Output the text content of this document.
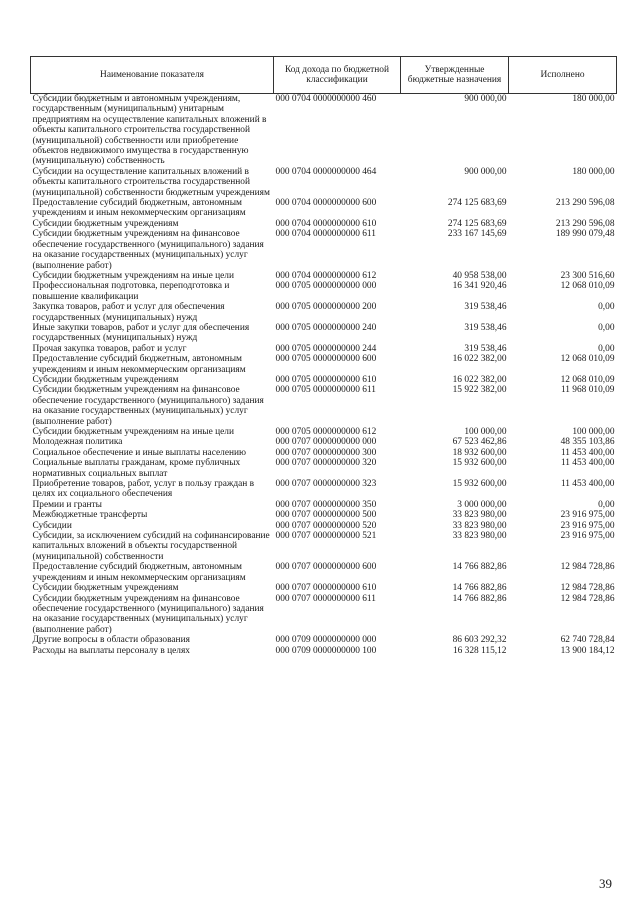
Наименование показателя	Код дохода по бюджетной классификации	Утвержденные бюджетные назначения	Исполнено
Субсидии бюджетным и автономным учреждениям, государственным (муниципальным) унитарным предприятиям на осуществление капитальных вложений в объекты капитального строительства государственной (муниципальной) собственности или приобретение объектов недвижимого имущества в государственную (муниципальную) собственность	000 0704 0000000000 460	900 000,00	180 000,00
Субсидии на осуществление капитальных вложений в объекты капитального строительства государственной (муниципальной) собственности бюджетным учреждениям	000 0704 0000000000 464	900 000,00	180 000,00
Предоставление субсидий бюджетным, автономным учреждениям и иным некоммерческим организациям	000 0704 0000000000 600	274 125 683,69	213 290 596,08
Субсидии бюджетным учреждениям	000 0704 0000000000 610	274 125 683,69	213 290 596,08
Субсидии бюджетным учреждениям на финансовое обеспечение государственного (муниципального) задания на оказание государственных (муниципальных) услуг (выполнение работ)	000 0704 0000000000 611	233 167 145,69	189 990 079,48
Субсидии бюджетным учреждениям на иные цели	000 0704 0000000000 612	40 958 538,00	23 300 516,60
Профессиональная подготовка, переподготовка и повышение квалификации	000 0705 0000000000 000	16 341 920,46	12 068 010,09
Закупка товаров, работ и услуг для обеспечения государственных (муниципальных) нужд	000 0705 0000000000 200	319 538,46	0,00
Иные закупки товаров, работ и услуг для обеспечения государственных (муниципальных) нужд	000 0705 0000000000 240	319 538,46	0,00
Прочая закупка товаров, работ и услуг	000 0705 0000000000 244	319 538,46	0,00
Предоставление субсидий бюджетным, автономным учреждениям и иным некоммерческим организациям	000 0705 0000000000 600	16 022 382,00	12 068 010,09
Субсидии бюджетным учреждениям	000 0705 0000000000 610	16 022 382,00	12 068 010,09
Субсидии бюджетным учреждениям на финансовое обеспечение государственного (муниципального) задания на оказание государственных (муниципальных) услуг (выполнение работ)	000 0705 0000000000 611	15 922 382,00	11 968 010,09
Субсидии бюджетным учреждениям на иные цели	000 0705 0000000000 612	100 000,00	100 000,00
Молодежная политика	000 0707 0000000000 000	67 523 462,86	48 355 103,86
Социальное обеспечение и иные выплаты населению	000 0707 0000000000 300	18 932 600,00	11 453 400,00
Социальные выплаты гражданам, кроме публичных нормативных социальных выплат	000 0707 0000000000 320	15 932 600,00	11 453 400,00
Приобретение товаров, работ, услуг в пользу граждан в целях их социального обеспечения	000 0707 0000000000 323	15 932 600,00	11 453 400,00
Премии и гранты	000 0707 0000000000 350	3 000 000,00	0,00
Межбюджетные трансферты	000 0707 0000000000 500	33 823 980,00	23 916 975,00
Субсидии	000 0707 0000000000 520	33 823 980,00	23 916 975,00
Субсидии, за исключением субсидий на софинансирование капитальных вложений в объекты государственной (муниципальной) собственности	000 0707 0000000000 521	33 823 980,00	23 916 975,00
Предоставление субсидий бюджетным, автономным учреждениям и иным некоммерческим организациям	000 0707 0000000000 600	14 766 882,86	12 984 728,86
Субсидии бюджетным учреждениям	000 0707 0000000000 610	14 766 882,86	12 984 728,86
Субсидии бюджетным учреждениям на финансовое обеспечение государственного (муниципального) задания на оказание государственных (муниципальных) услуг (выполнение работ)	000 0707 0000000000 611	14 766 882,86	12 984 728,86
Другие вопросы в области образования	000 0709 0000000000 000	86 603 292,32	62 740 728,84
Расходы на выплаты персоналу в целях	000 0709 0000000000 100	16 328 115,12	13 900 184,12
39
